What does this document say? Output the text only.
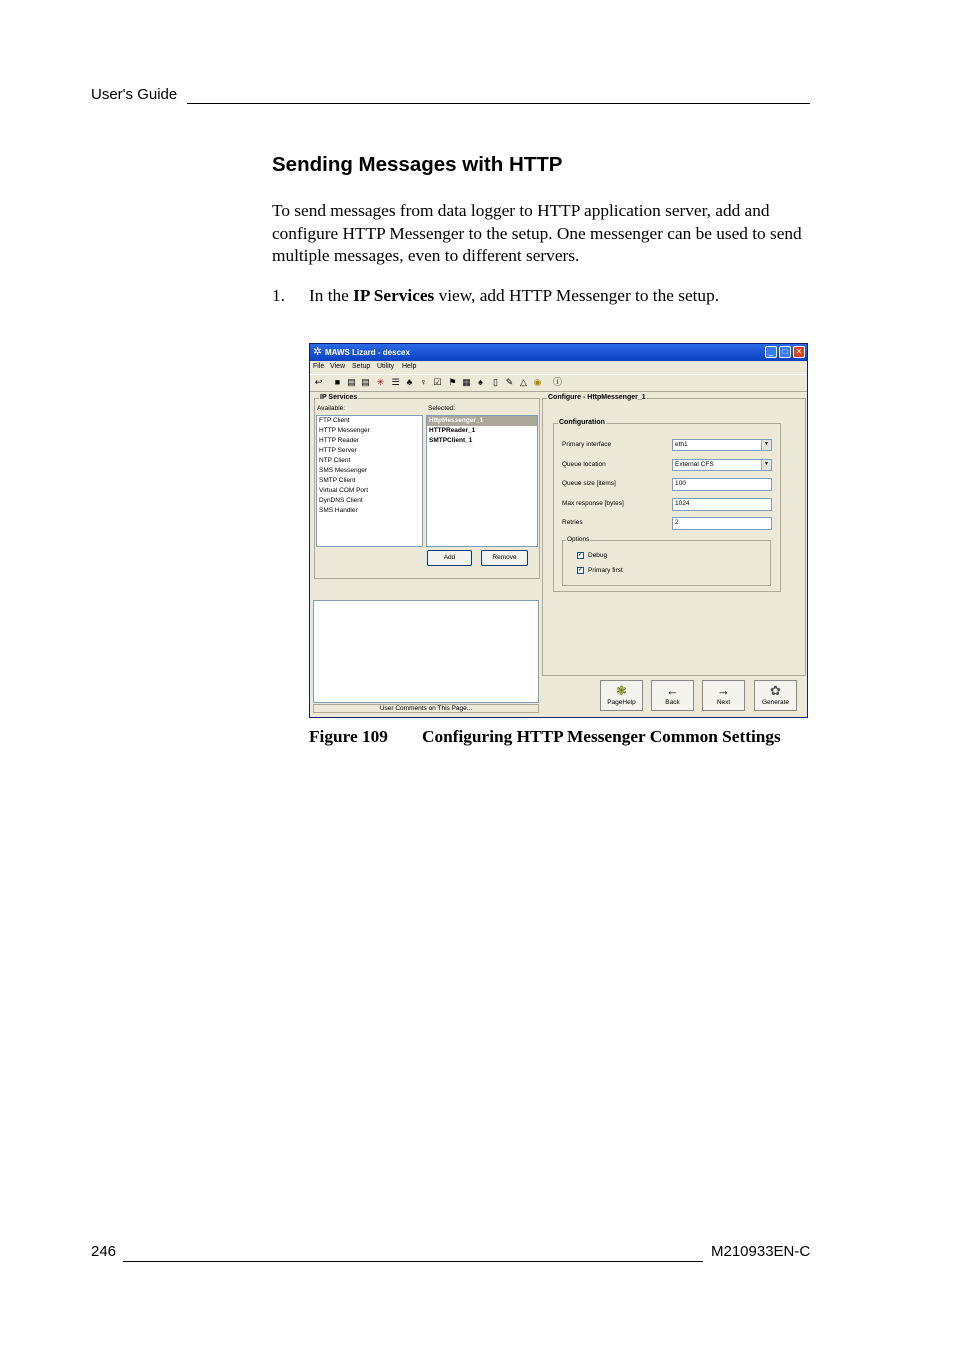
User's Guide
Sending Messages with HTTP
To send messages from data logger to HTTP application server, add and configure HTTP Messenger to the setup. One messenger can be used to send multiple messages, even to different servers.
1. In the IP Services view, add HTTP Messenger to the setup.
✲ MAWS Lizard - descex	_	□	✕
File View Setup Utility Help
↩	■ ▤ ▤ ✳ ☰ ♣ ♀ ☑ ⚑ ▦ ♠	▯ ✎ △ ◉ ⓘ
IP Services
Available:	Selected:
FTP Client
HTTP Messenger
HTTP Reader
HTTP Server
NTP Client
SMS Messenger
SMTP Client
Virtual COM Port
DynDNS Client
SMS Handler
HttpMessenger_1
HTTPReader_1
SMTPClient_1
Add	Remove
User Comments on This Page...
Configure - HttpMessenger_1
Configuration
Primary interface	eth1	▼
Queue location	External CFS	▼
Queue size [items]	100
Max response [bytes]	1024
Retries	2
Options
✓ Debug
✓ Primary first
❃
PageHelp
←
Back
→
Next
✿
Generate
Figure 109 Configuring HTTP Messenger Common Settings
246	M210933EN-C
